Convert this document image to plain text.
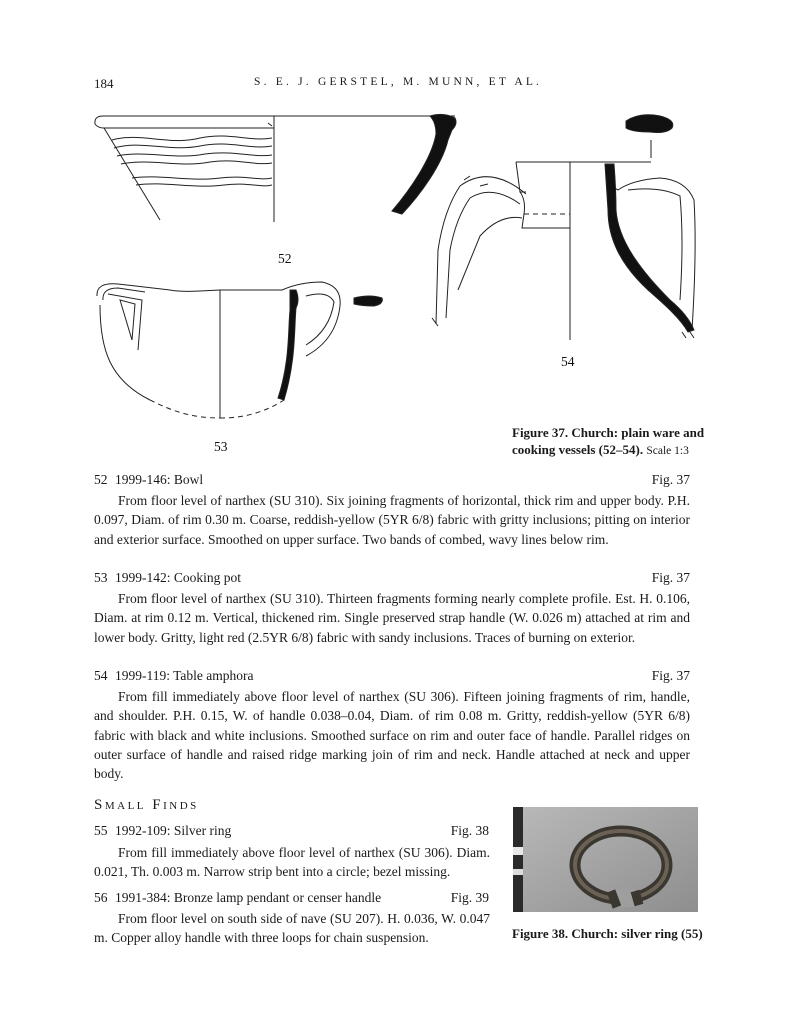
184	S. E. J. GERSTEL, M. MUNN, ET AL.
52
53
54
Figure 37. Church: plain ware and cooking vessels (52–54). Scale 1:3
52 1999-146: Bowl	Fig. 37

From floor level of narthex (SU 310). Six joining fragments of horizontal, thick rim and upper body. P.H. 0.097, Diam. of rim 0.30 m. Coarse, reddish-yellow (5YR 6/8) fabric with gritty inclusions; pitting on interior and exterior surface. Smoothed on upper surface. Two bands of combed, wavy lines below rim.

53 1999-142: Cooking pot	Fig. 37

From floor level of narthex (SU 310). Thirteen fragments forming nearly complete profile. Est. H. 0.106, Diam. at rim 0.12 m. Vertical, thickened rim. Single preserved strap handle (W. 0.026 m) attached at rim and lower body. Gritty, light red (2.5YR 6/8) fabric with sandy inclusions. Traces of burning on exterior.

54 1999-119: Table amphora	Fig. 37

From fill immediately above floor level of narthex (SU 306). Fifteen joining fragments of rim, handle, and shoulder. P.H. 0.15, W. of handle 0.038–0.04, Diam. of rim 0.08 m. Gritty, reddish-yellow (5YR 6/8) fabric with black and white inclusions. Smoothed surface on rim and outer face of handle. Parallel ridges on outer surface of handle and raised ridge marking join of rim and neck. Handle attached at neck and upper body.

Small Finds
55 1992-109: Silver ring	Fig. 38

From fill immediately above floor level of narthex (SU 306). Diam. 0.021, Th. 0.003 m. Narrow strip bent into a circle; bezel missing.

56 1991-384: Bronze lamp pendant or censer handle	Fig. 39

From floor level on south side of nave (SU 207). H. 0.036, W. 0.047 m. Copper alloy handle with three loops for chain suspension.	Figure 38. Church: silver ring (55)
